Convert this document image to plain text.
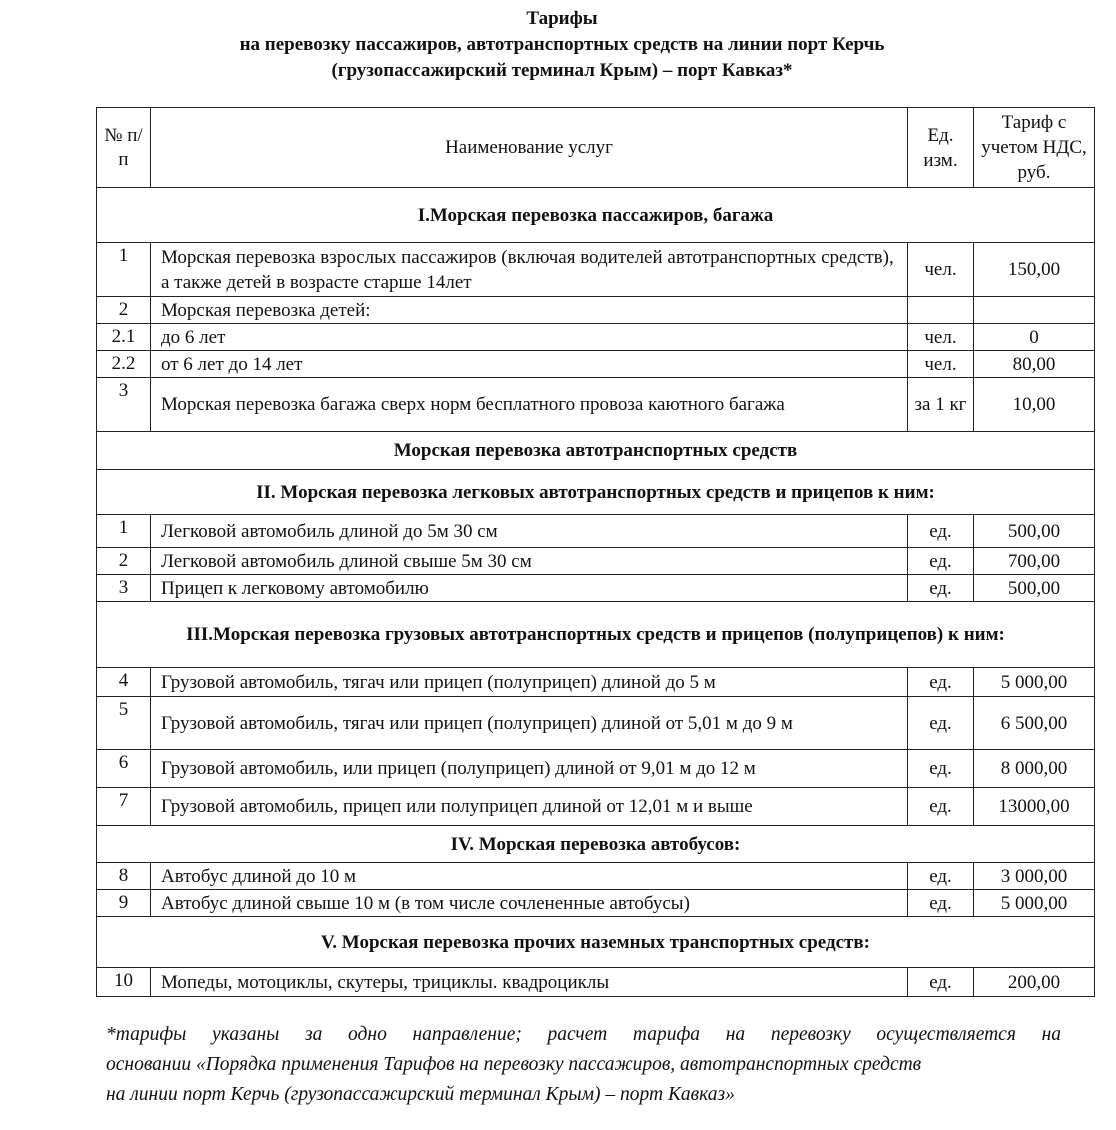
Тарифы
на перевозку пассажиров, автотранспортных средств на линии порт Керчь
(грузопассажирский терминал Крым) – порт Кавказ*
№ п/п	Наименование услуг	Ед. изм.	Тариф с учетом НДС, руб.
I.Морская перевозка пассажиров, багажа			
1	Морская перевозка взрослых пассажиров (включая водителей автотранспортных средств), а также детей в возрасте старше 14лет	чел.	150,00
2	Морская перевозка детей:		
2.1	до 6 лет	чел.	0
2.2	от 6 лет до 14 лет	чел.	80,00
3	Морская перевозка багажа сверх норм бесплатного провоза каютного багажа	за 1 кг	10,00
Морская перевозка автотранспортных средств			
II. Морская перевозка легковых автотранспортных средств и прицепов к ним:			
1	Легковой автомобиль длиной до 5м 30 см	ед.	500,00
2	Легковой автомобиль длиной свыше 5м 30 см	ед.	700,00
3	Прицеп к легковому автомобилю	ед.	500,00
III.Морская перевозка грузовых автотранспортных средств и прицепов (полуприцепов) к ним:			
4	Грузовой автомобиль, тягач или прицеп (полуприцеп) длиной до 5 м	ед.	5 000,00
5	Грузовой автомобиль, тягач или прицеп (полуприцеп) длиной от 5,01 м до 9 м	ед.	6 500,00
6	Грузовой автомобиль, или прицеп (полуприцеп) длиной от 9,01 м до 12 м	ед.	8 000,00
7	Грузовой автомобиль, прицеп или полуприцеп длиной от 12,01 м и выше	ед.	13000,00
IV. Морская перевозка автобусов:			
8	Автобус длиной до 10 м	ед.	3 000,00
9	Автобус длиной свыше 10 м (в том числе сочлененные автобусы)	ед.	5 000,00
V. Морская перевозка прочих наземных транспортных средств:			
10	Мопеды, мотоциклы, скутеры, трициклы. квадроциклы	ед.	200,00
*тарифы указаны за одно направление; расчет тарифа на перевозку осуществляется на
основании «Порядка применения Тарифов на перевозку пассажиров, автотранспортных средств
на линии порт Керчь (грузопассажирский терминал Крым) – порт Кавказ»
